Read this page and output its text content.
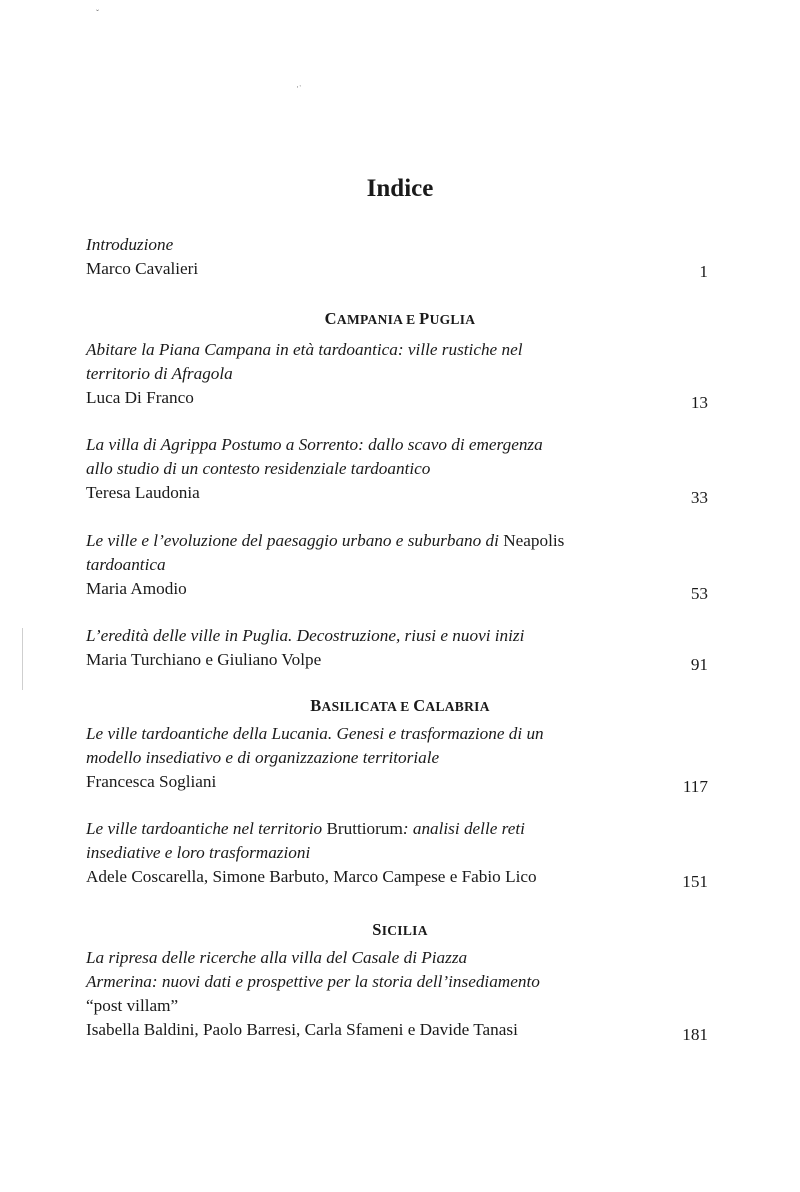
ˇ
·ˑ
Indice
Introduzione
Marco Cavalieri	1
CAMPANIA E PUGLIA
Abitare la Piana Campana in età tardoantica: ville rustiche nel
territorio di Afragola
Luca Di Franco	13
La villa di Agrippa Postumo a Sorrento: dallo scavo di emergenza
allo studio di un contesto residenziale tardoantico
Teresa Laudonia	33
Le ville e l’evoluzione del paesaggio urbano e suburbano di Neapolis
tardoantica
Maria Amodio	53
L’eredità delle ville in Puglia. Decostruzione, riusi e nuovi inizi
Maria Turchiano e Giuliano Volpe	91
BASILICATA E CALABRIA
Le ville tardoantiche della Lucania. Genesi e trasformazione di un
modello insediativo e di organizzazione territoriale
Francesca Sogliani	117
Le ville tardoantiche nel territorio Bruttiorum: analisi delle reti
insediative e loro trasformazioni
Adele Coscarella, Simone Barbuto, Marco Campese e Fabio Lico	151
SICILIA
La ripresa delle ricerche alla villa del Casale di Piazza
Armerina: nuovi dati e prospettive per la storia dell’insediamento
“post villam”
Isabella Baldini, Paolo Barresi, Carla Sfameni e Davide Tanasi	181
